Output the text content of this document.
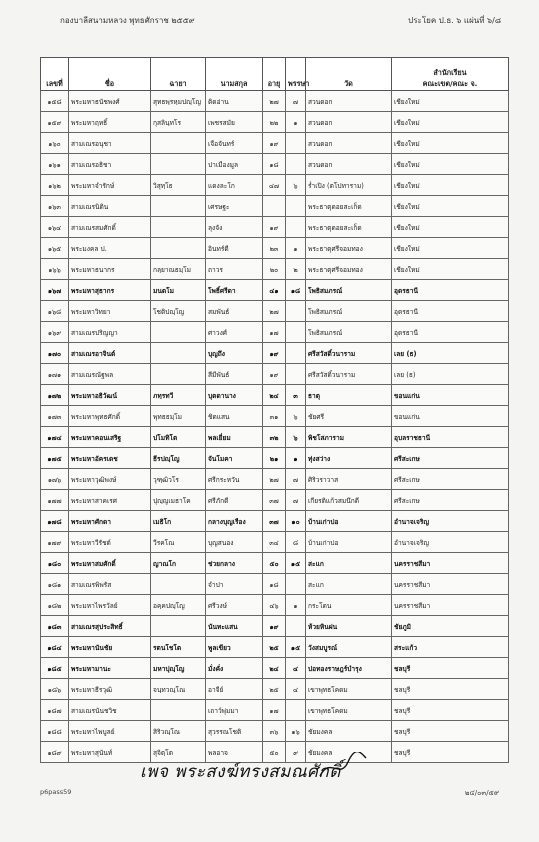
กองบาลีสนามหลวง พุทธศักราช ๒๕๕๙	ประโยค ป.ธ. ๖ แผ่นที่ ๖/๘
เลขที่	ชื่อ	ฉายา	นามสกุล	อายุ	พรรษา	วัด	สำนักเรียน
คณะเขต/คณะ จ.

๑๕๘	พระมหาธนัชพงศ์	สุทธพฺรหฺมปญฺโญ	ติดอ่าน	๒๗	๗	สวนดอก	เชียงใหม่
๑๕๙	พระมหาฤทธิ์	กุสลินฺทโร	เพชรสมัย	๒๒	๑	สวนดอก	เชียงใหม่
๑๖๐	สามเณรอนุชา		เจือจันทร์	๑๙		สวนดอก	เชียงใหม่
๑๖๑	สามเณรอธิชา		ปาเมืองมูล	๑๘		สวนดอก	เชียงใหม่
๑๖๒	พระมหาจำรักษ์	วิสุทฺโธ	แดงละโก	๔๗	๖	ร่ำเปิง (ตโปทาราม)	เชียงใหม่
๑๖๓	สามเณรนิติน		เศรษฐะ			พระธาตุดอยสะเก็ด	เชียงใหม่
๑๖๔	สามเณรสมศักดิ์		ลุงจัง	๑๙		พระธาตุดอยสะเก็ด	เชียงใหม่
๑๖๕	พระมงคล ป.		อินทร์ดี	๒๓	๑	พระธาตุศรีจอมทอง	เชียงใหม่
๑๖๖	พระมหาธนากร	กลฺยาณธมฺโม	ถาวร	๒๐	๒	พระธาตุศรีจอมทอง	เชียงใหม่
๑๖๗	พระมหาสุธากร	มนตโม	โพธิ์ศรีดา	๔๑	๑๘	โพธิสมภรณ์	อุดรธานี
๑๖๘	พระมหาวิทยา	โชติปญฺโญ	สมพันธ์	๒๗		โพธิสมภรณ์	อุดรธานี
๑๖๙	สามเณรปริญญา		ศาวงศ์	๑๗		โพธิสมภรณ์	อุดรธานี
๑๗๐	สามเณรอาจินต์		บุญถึง	๑๙		ศรีสวัสดิ์วนาราม	เลย (ธ)
๑๗๑	สามเณรณัฐพล		สีมีพันธ์	๑๙		ศรีสวัสดิ์วนาราม	เลย (ธ)
๑๗๒	พระมหาอธิวัฒน์	ภทฺรทวี	บุตดานาง	๒๔	๓	ธาตุ	ขอนแก่น
๑๗๓	พระมหาพุทธศักดิ์	พุทธธมฺโม	ชิดแสน	๓๑	๖	ชัยศรี	ขอนแก่น
๑๗๔	พระมหาคอนเสริฐ	ปโมทิโต	พลเยี่ยม	๓๒	๖	พิชโสภาราม	อุบลราชธานี
๑๗๕	พระมหาอัครเดช	ธีรปญฺโญ	จันโมคา	๒๑	๑	ทุ่งสว่าง	ศรีสะเกษ
๑๗๖	พระมหาวุฒิพงษ์	วุฑฺฒิวโร	ศรีกระหวัน	๒๗	๗	ศิริวราวาส	ศรีสะเกษ
๑๗๗	พระมหาสาคเรศ	ปุญฺญเมธาโค	ศรีภักดี	๓๗	๗	เกียรติแก้วสมนึกดี	ศรีสะเกษ
๑๗๘	พระมหาศักดา	เมธิโก	กลางบุญเรือง	๓๗	๑๐	บ้านเก่าบ่อ	อำนาจเจริญ
๑๗๙	พระมหาวีรัชต์	วีรคโณ	บุญสนอง	๓๔	๘	บ้านเก่าบ่อ	อำนาจเจริญ
๑๘๐	พระมหาสมศักดิ์	ญาณโก	ช่วยกลาง	๕๐	๑๕	สะแก	นครราชสีมา
๑๘๑	สามเณรพิพรัส		จำปา	๑๘		สะแก	นครราชสีมา
๑๘๒	พระมหาไพรวัลย์	อคฺคปญฺโญ	ศรีวงษ์	๔๖	๑	กระโดน	นครราชสีมา
๑๘๓	สามเณรสุประสิทธิ์		นันทะแสน	๑๙		ห้วยหินฝน	ชัยภูมิ
๑๘๔	พระมหานันชัย	รตนโชโต	พูลเขียว	๒๕	๑๕	วังสมบูรณ์	สระแก้ว
๑๘๕	พระมหามานะ	มหาปุญฺโญ	มั่งคั่ง	๒๔	๔	บ่อทองราษฎร์บำรุง	ชลบุรี
๑๘๖	พระมหาธีรวุฒิ	จนฺทวณฺโณ	อาจีย์	๒๕	๔	เขาพุทธโคดม	ชลบุรี
๑๘๗	สามเณรนันชวิช		เถาว์พุ่มมา	๑๗		เขาพุทธโคดม	ชลบุรี
๑๘๘	พระมหาไพบูลย์	สิริวณฺโณ	สุวรรณโชติ	๓๖	๑๖	ชัยมงคล	ชลบุรี
๑๘๙	พระมหาสุนันท์	สุจิตฺโต	พลอาจ	๕๐	๙	ชัยมงคล	ชลบุรี
เพจ พระสงฆ์ทรงสมณศักดิ์
p6pass59	๒๔/๐๓/๕๙
